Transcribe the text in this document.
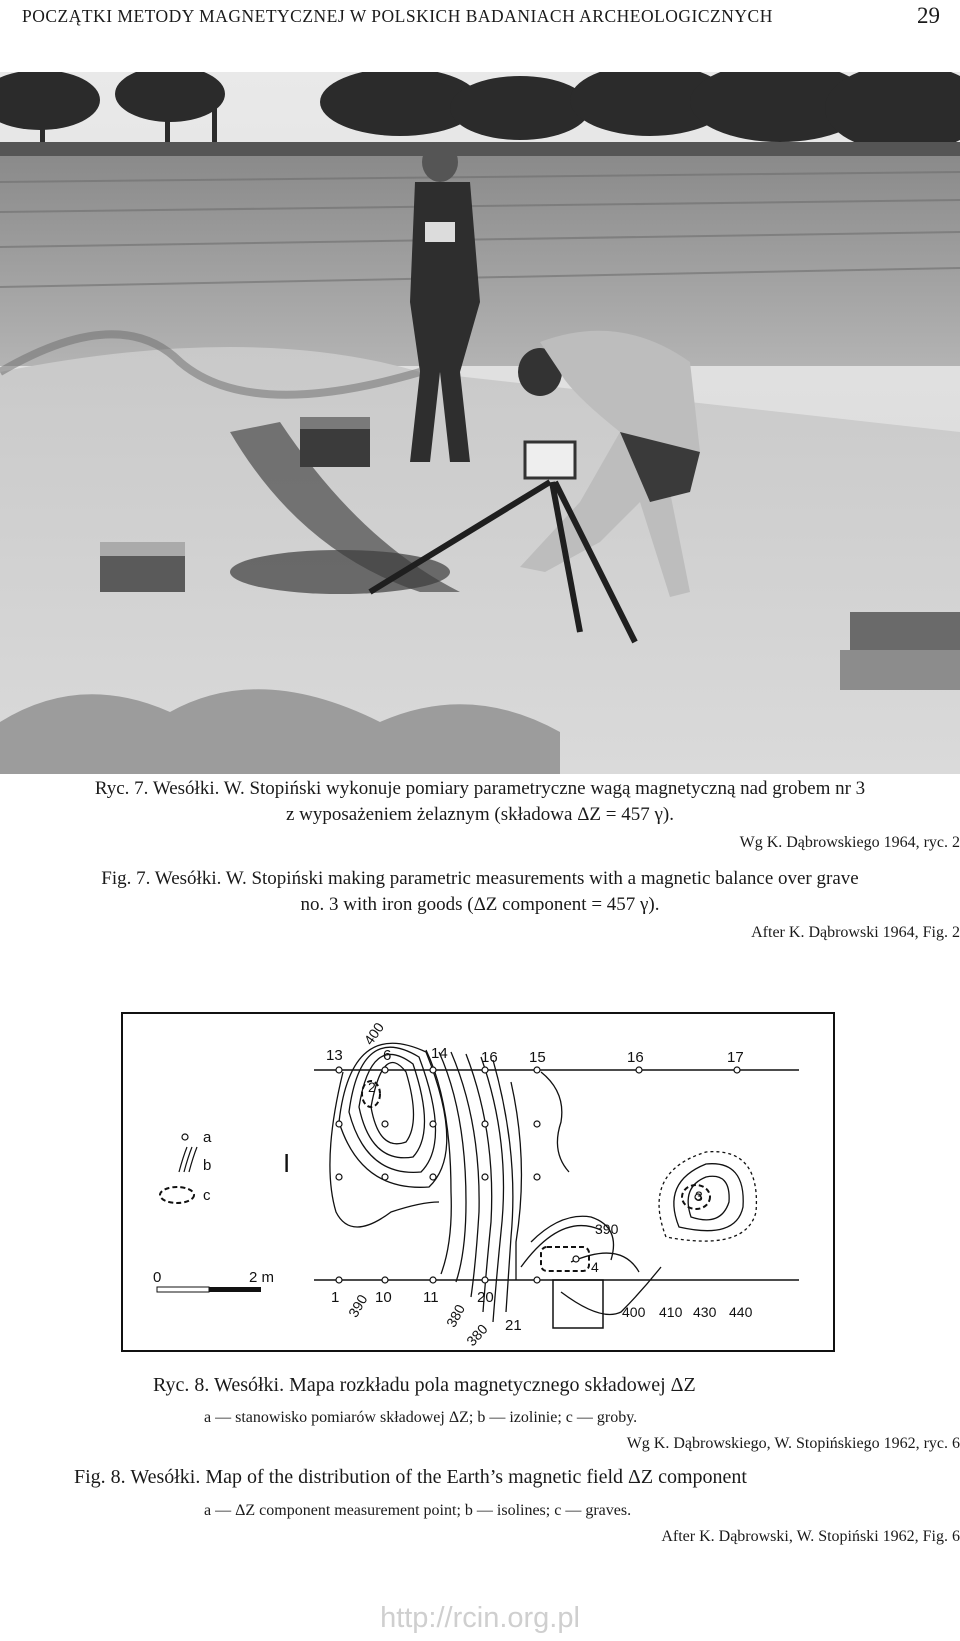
POCZĄTKI METODY MAGNETYCZNEJ W POLSKICH BADANIACH ARCHEOLOGICZNYCH	29
Ryc. 7. Wesółki. W. Stopiński wykonuje pomiary parametryczne wagą magnetyczną nad grobem nr 3
z wyposażeniem żelaznym (składowa ΔZ = 457 γ).
Wg K. Dąbrowskiego 1964, ryc. 2
Fig. 7. Wesółki. W. Stopiński making parametric measurements with a magnetic balance over grave
no. 3 with iron goods (ΔZ component = 457 γ).
After K. Dąbrowski 1964, Fig. 2
13	6	14 16 15	16	17
1 10 11	20
21
2
4
3
400
390	380
380
390
400 410 430 440
I
a
b
c
0	2 m
Ryc. 8. Wesółki. Mapa rozkładu pola magnetycznego składowej ΔZ
a — stanowisko pomiarów składowej ΔZ; b — izolinie; c — groby.
Wg K. Dąbrowskiego, W. Stopińskiego 1962, ryc. 6
Fig. 8. Wesółki. Map of the distribution of the Earth’s magnetic field ΔZ component
a — ΔZ component measurement point; b — isolines; c — graves.
After K. Dąbrowski, W. Stopiński 1962, Fig. 6
http://rcin.org.pl
